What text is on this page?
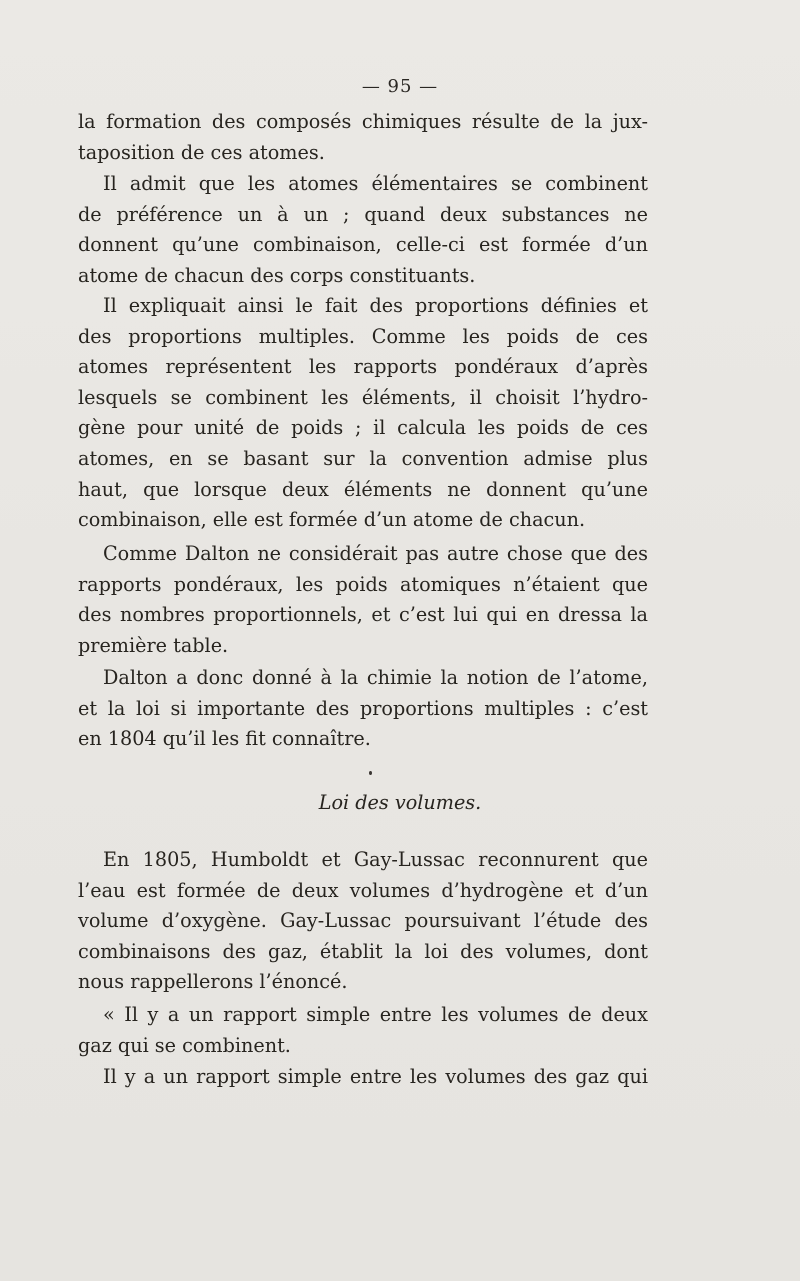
— 95 —
la formation des composés chimiques résulte de la jux-
taposition de ces atomes.
Il admit que les atomes élémentaires se combinent
de préférence un à un ; quand deux substances ne
donnent qu’une combinaison, celle-ci est formée d’un
atome de chacun des corps constituants.
Il expliquait ainsi le fait des proportions définies et
des proportions multiples. Comme les poids de ces
atomes représentent les rapports pondéraux d’après
lesquels se combinent les éléments, il choisit l’hydro-
gène pour unité de poids ; il calcula les poids de ces
atomes, en se basant sur la convention admise plus
haut, que lorsque deux éléments ne donnent qu’une
combinaison, elle est formée d’un atome de chacun.
Comme Dalton ne considérait pas autre chose que des
rapports pondéraux, les poids atomiques n’étaient que
des nombres proportionnels, et c’est lui qui en dressa la
première table.
Dalton a donc donné à la chimie la notion de l’atome,
et la loi si importante des proportions multiples : c’est
en 1804 qu’il les fit connaître.
Loi des volumes.
En 1805, Humboldt et Gay-Lussac reconnurent que
l’eau est formée de deux volumes d’hydrogène et d’un
volume d’oxygène. Gay-Lussac poursuivant l’étude des
combinaisons des gaz, établit la loi des volumes, dont
nous rappellerons l’énoncé.
« Il y a un rapport simple entre les volumes de deux
gaz qui se combinent.
Il y a un rapport simple entre les volumes des gaz qui
